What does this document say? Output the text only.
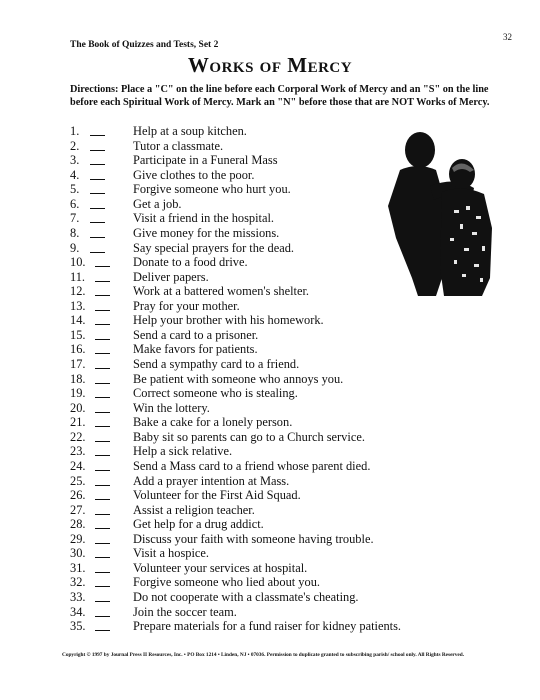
32
The Book of Quizzes and Tests, Set 2
Works of Mercy
Directions: Place a "C" on the line before each Corporal Work of Mercy and an "S" on the line before each Spiritual Work of Mercy. Mark an "N" before those that are NOT Works of Mercy.
1.	Help at a soup kitchen.
2.	Tutor a classmate.
3.	Participate in a Funeral Mass
4.	Give clothes to the poor.
5.	Forgive someone who hurt you.
6.	Get a job.
7.	Visit a friend in the hospital.
8.	Give money for the missions.
9.	Say special prayers for the dead.
10.	Donate to a food drive.
11.	Deliver papers.
12.	Work at a battered women's shelter.
13.	Pray for your mother.
14.	Help your brother with his homework.
15.	Send a card to a prisoner.
16.	Make favors for patients.
17.	Send a sympathy card to a friend.
18.	Be patient with someone who annoys you.
19.	Correct someone who is stealing.
20.	Win the lottery.
21.	Bake a cake for a lonely person.
22.	Baby sit so parents can go to a Church service.
23.	Help a sick relative.
24.	Send a Mass card to a friend whose parent died.
25.	Add a prayer intention at Mass.
26.	Volunteer for the First Aid Squad.
27.	Assist a religion teacher.
28.	Get help for a drug addict.
29.	Discuss your faith with someone having trouble.
30.	Visit a hospice.
31.	Volunteer your services at hospital.
32.	Forgive someone who lied about you.
33.	Do not cooperate with a classmate's cheating.
34.	Join the soccer team.
35.	Prepare materials for a fund raiser for kidney patients.
Copyright © 1997 by Journal Press II Resources, Inc. • PO Box 1214 • Linden, NJ • 07036. Permission to duplicate granted to subscribing parish/ school only. All Rights Reserved.
